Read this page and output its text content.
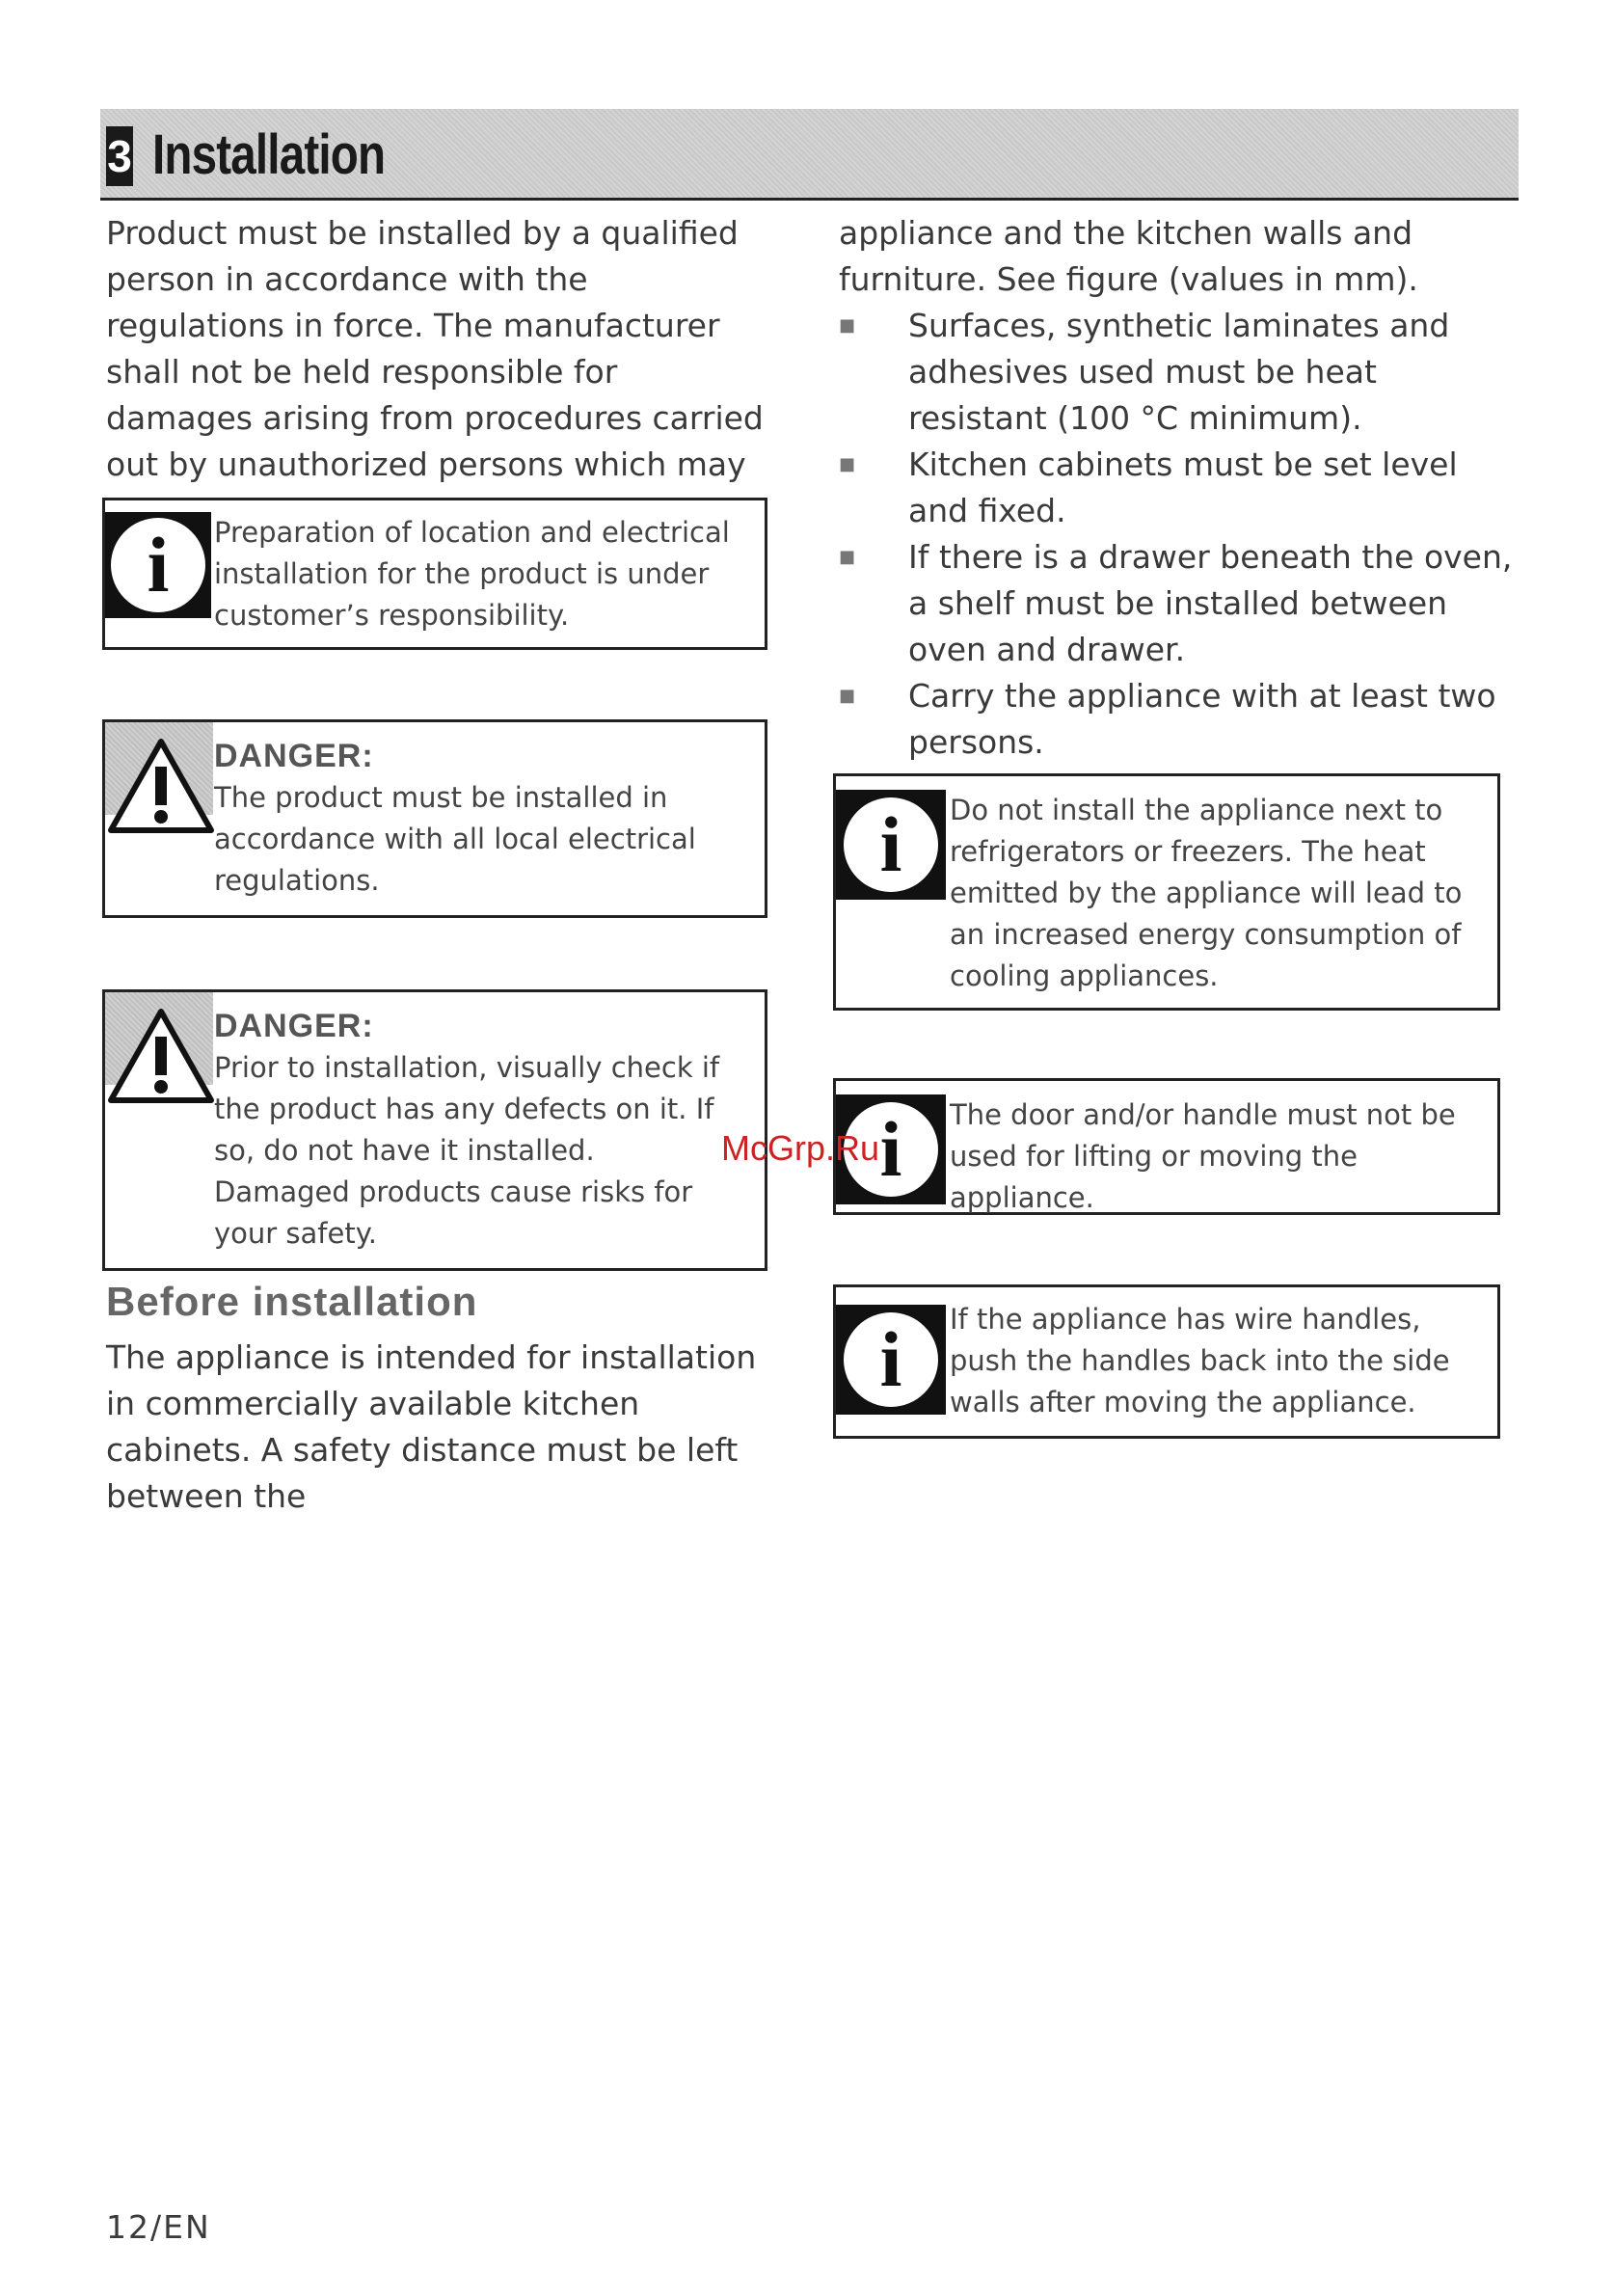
3 Installation

Product must be installed by a qualified person in accordance with the regulations in force. The manufacturer shall not be held responsible for damages arising from procedures carried out by unauthorized persons which may

i	Preparation of location and electrical installation for the product is under customer’s responsibility.
DANGER:
The product must be installed in accordance with all local electrical regulations.
DANGER:
Prior to installation, visually check if the product has any defects on it. If so, do not have it installed.
Damaged products cause risks for your safety.
Before installation

The appliance is intended for installation in commercially available kitchen cabinets. A safety distance must be left between the

appliance and the kitchen walls and furniture. See figure (values in mm).

■ Surfaces, synthetic laminates and adhesives used must be heat resistant (100 °C minimum).
■ Kitchen cabinets must be set level and fixed.
■ If there is a drawer beneath the oven, a shelf must be installed between oven and drawer.
■ Carry the appliance with at least two persons.
i	Do not install the appliance next to refrigerators or freezers. The heat emitted by the appliance will lead to an increased energy consumption of cooling appliances.
i	The door and/or handle must not be used for lifting or moving the appliance.
i	If the appliance has wire handles, push the handles back into the side walls after moving the appliance.
McGrp.Ru
12/EN
